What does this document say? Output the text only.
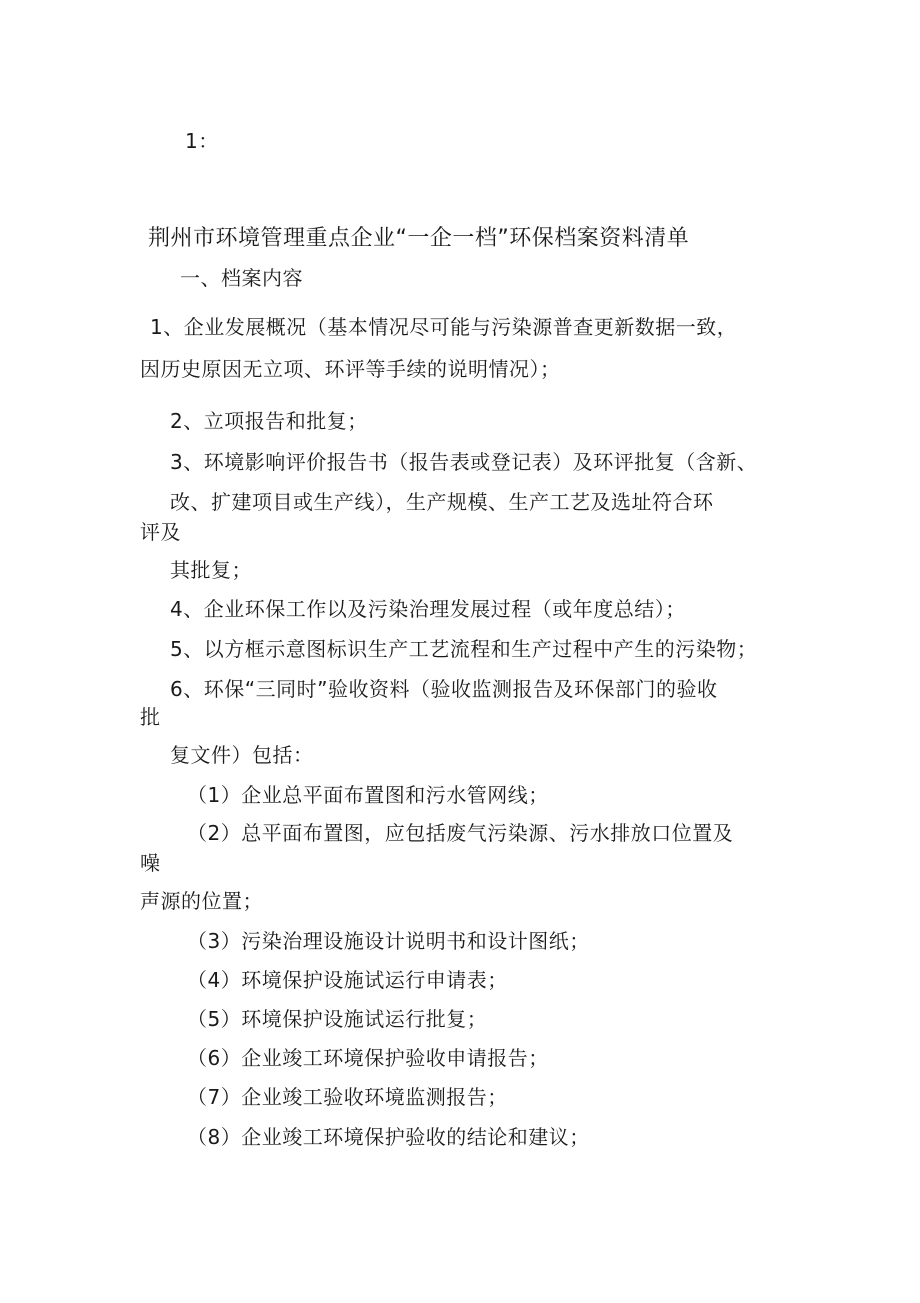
1：
荆州市环境管理重点企业“一企一档”环保档案资料清单
一、档案内容
1、企业发展概况（基本情况尽可能与污染源普查更新数据一致，
因历史原因无立项、环评等手续的说明情况）；
2、立项报告和批复；
3、环境影响评价报告书（报告表或登记表）及环评批复（含新、
改、扩建项目或生产线），生产规模、生产工艺及选址符合环
评及
其批复；
4、企业环保工作以及污染治理发展过程（或年度总结）；
5、以方框示意图标识生产工艺流程和生产过程中产生的污染物；
6、环保“三同时”验收资料（验收监测报告及环保部门的验收
批
复文件）包括：
（1）企业总平面布置图和污水管网线；
（2）总平面布置图，应包括废气污染源、污水排放口位置及
噪
声源的位置；
（3）污染治理设施设计说明书和设计图纸；
（4）环境保护设施试运行申请表；
（5）环境保护设施试运行批复；
（6）企业竣工环境保护验收申请报告；
（7）企业竣工验收环境监测报告；
（8）企业竣工环境保护验收的结论和建议；
